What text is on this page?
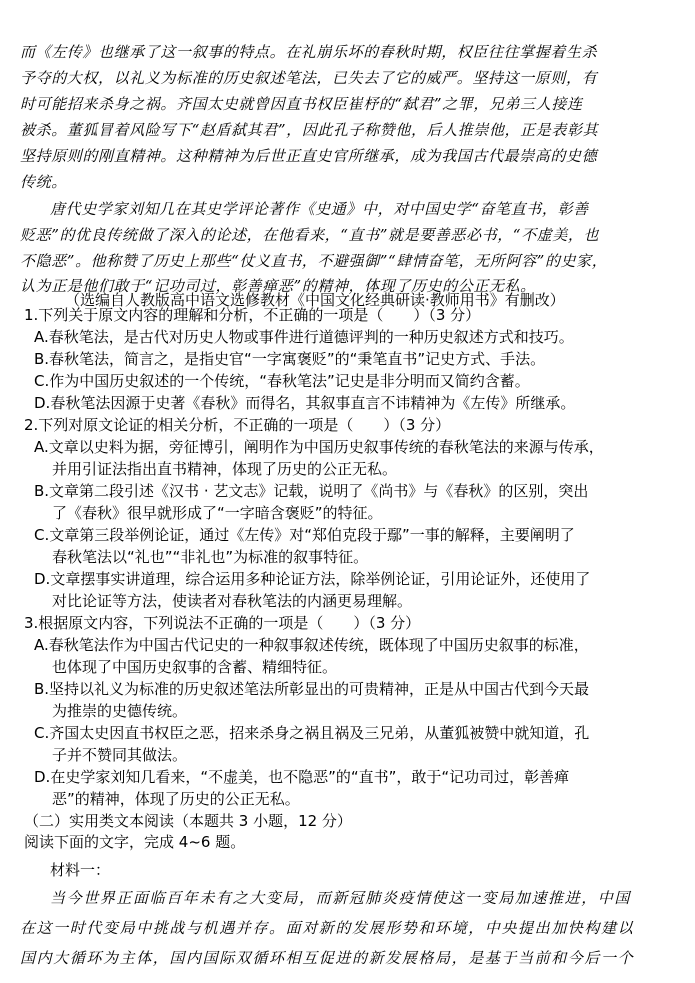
而《左传》也继承了这一叙事的特点。在礼崩乐坏的春秋时期，权臣往往掌握着生杀
予夺的大权，以礼义为标准的历史叙述笔法，已失去了它的威严。坚持这一原则，有
时可能招来杀身之祸。齐国太史就曾因直书权臣崔杼的“弑君”之罪，兄弟三人接连
被杀。董狐冒着风险写下“赵盾弑其君”，因此孔子称赞他，后人推崇他，正是表彰其
坚持原则的刚直精神。这种精神为后世正直史官所继承，成为我国古代最崇高的史德
传统。
唐代史学家刘知几在其史学评论著作《史通》中，对中国史学“奋笔直书，彰善
贬恶”的优良传统做了深入的论述，在他看来，“直书”就是要善恶必书，“不虚美，也
不隐恶”。他称赞了历史上那些“仗义直书，不避强御”“肆情奋笔，无所阿容”的史家，
认为正是他们敢于“记功司过，彰善瘅恶”的精神，体现了历史的公正无私。
（选编自人教版高中语文选修教材《中国文化经典研读·教师用书》有删改）
1.下列关于原文内容的理解和分析，不正确的一项是（　　）（3 分）
A.春秋笔法，是古代对历史人物或事件进行道德评判的一种历史叙述方式和技巧。
B.春秋笔法，简言之，是指史官“一字寓褒贬”的“秉笔直书”记史方式、手法。
C.作为中国历史叙述的一个传统，“春秋笔法”记史是非分明而又简约含蓄。
D.春秋笔法因源于史著《春秋》而得名，其叙事直言不讳精神为《左传》所继承。
2.下列对原文论证的相关分析，不正确的一项是（　　）（3 分）
A.文章以史料为据，旁征博引，阐明作为中国历史叙事传统的春秋笔法的来源与传承，
并用引证法指出直书精神，体现了历史的公正无私。
B.文章第二段引述《汉书 · 艺文志》记载，说明了《尚书》与《春秋》的区别，突出
了《春秋》很早就形成了“一字暗含褒贬”的特征。
C.文章第三段举例论证，通过《左传》对“郑伯克段于鄢”一事的解释，主要阐明了
春秋笔法以“礼也”“非礼也”为标准的叙事特征。
D.文章摆事实讲道理，综合运用多种论证方法，除举例论证，引用论证外，还使用了
对比论证等方法，使读者对春秋笔法的内涵更易理解。
3.根据原文内容，下列说法不正确的一项是（　　）（3 分）
A.春秋笔法作为中国古代记史的一种叙事叙述传统，既体现了中国历史叙事的标准，
也体现了中国历史叙事的含蓄、精细特征。
B.坚持以礼义为标准的历史叙述笔法所彰显出的可贵精神，正是从中国古代到今天最
为推崇的史德传统。
C.齐国太史因直书权臣之恶，招来杀身之祸且祸及三兄弟，从董狐被赞中就知道，孔
子并不赞同其做法。
D.在史学家刘知几看来，“不虚美，也不隐恶”的“直书”，敢于“记功司过，彰善瘅
恶”的精神，体现了历史的公正无私。
（二）实用类文本阅读（本题共 3 小题，12 分）
阅读下面的文字，完成 4~6 题。
材料一：
当今世界正面临百年未有之大变局，而新冠肺炎疫情使这一变局加速推进，中国
在这一时代变局中挑战与机遇并存。面对新的发展形势和环境，中央提出加快构建以
国内大循环为主体，国内国际双循环相互促进的新发展格局，是基于当前和今后一个
